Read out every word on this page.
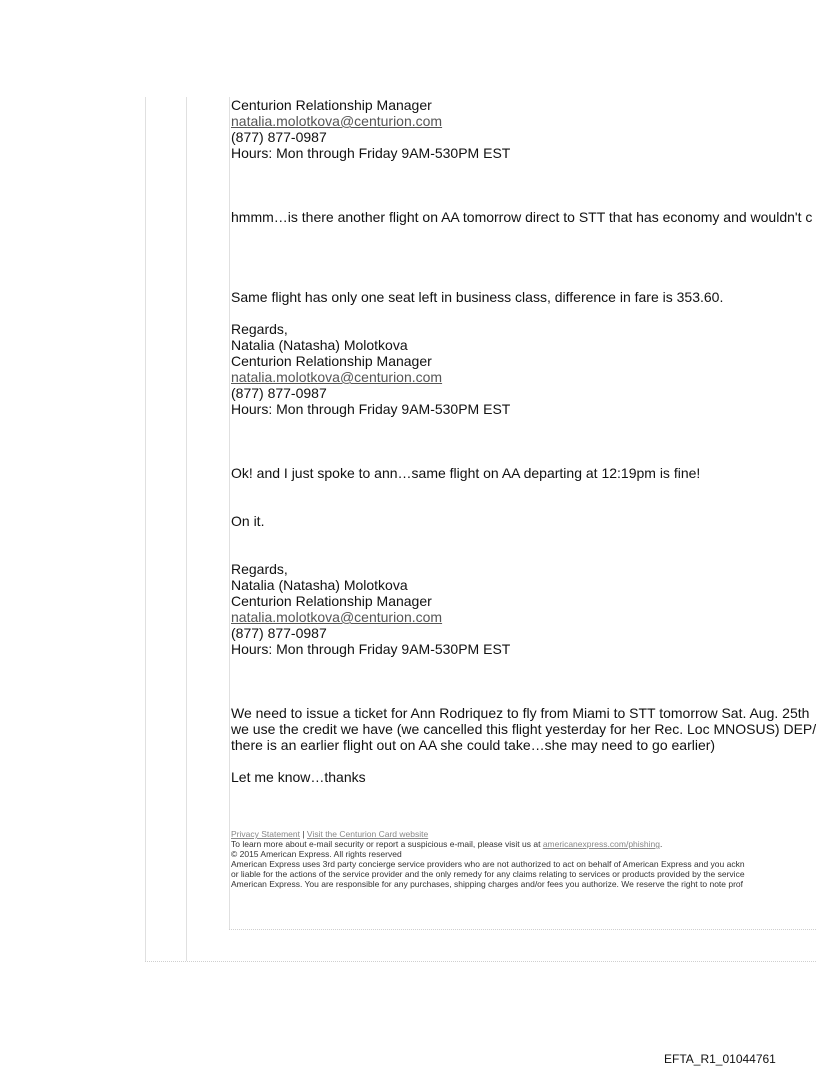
Centurion Relationship Manager
natalia.molotkova@centurion.com
(877) 877-0987
Hours: Mon through Friday 9AM-530PM EST
hmmm…is there another flight on AA tomorrow direct to STT that has economy and wouldn't c
Same flight has only one seat left in business class, difference in fare is 353.60.
Regards,
Natalia (Natasha) Molotkova
Centurion Relationship Manager
natalia.molotkova@centurion.com
(877) 877-0987
Hours: Mon through Friday 9AM-530PM EST
Ok! and I just spoke to ann…same flight on AA departing at 12:19pm is fine!
On it.
Regards,
Natalia (Natasha) Molotkova
Centurion Relationship Manager
natalia.molotkova@centurion.com
(877) 877-0987
Hours: Mon through Friday 9AM-530PM EST
We need to issue a ticket for Ann Rodriquez to fly from Miami to STT tomorrow Sat. Aug. 25th
we use the credit we have (we cancelled this flight yesterday for her Rec. Loc MNOSUS) DEP/
there is an earlier flight out on AA she could take…she may need to go earlier)
Let me know…thanks
Privacy Statement | Visit the Centurion Card website
To learn more about e-mail security or report a suspicious e-mail, please visit us at americanexpress.com/phishing.
© 2015 American Express. All rights reserved
American Express uses 3rd party concierge service providers who are not authorized to act on behalf of American Express and you ackn
or liable for the actions of the service provider and the only remedy for any claims relating to services or products provided by the service
American Express. You are responsible for any purchases, shipping charges and/or fees you authorize. We reserve the right to note prof
EFTA_R1_01044761
